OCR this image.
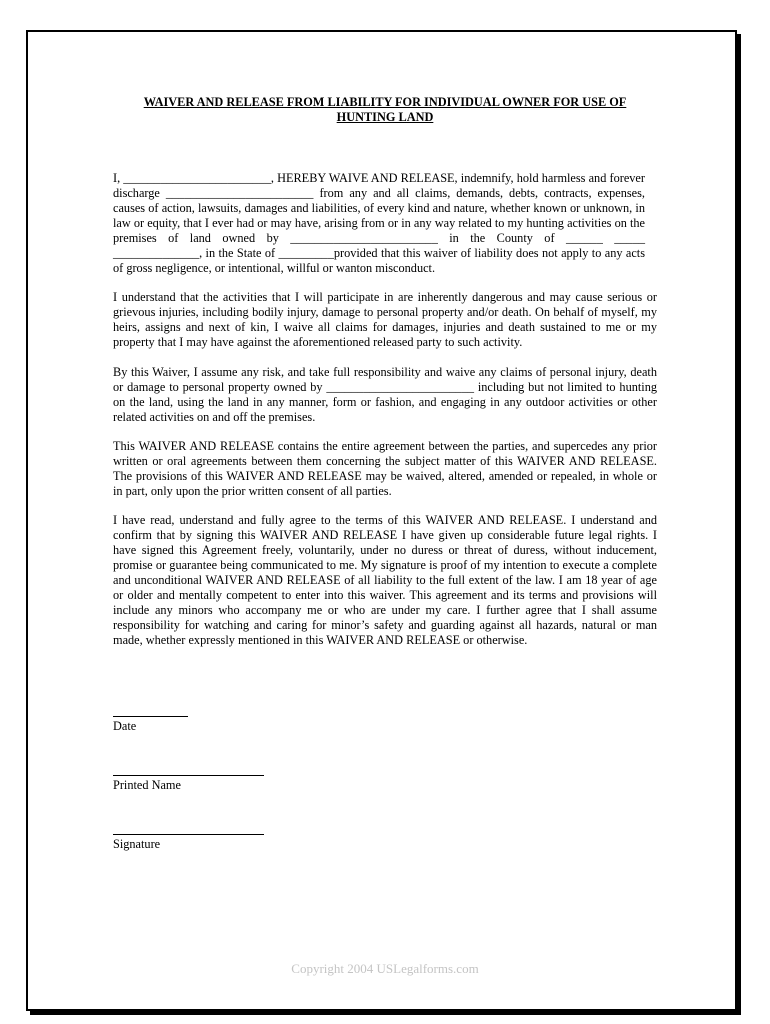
WAIVER AND RELEASE FROM LIABILITY FOR INDIVIDUAL OWNER FOR USE OF
HUNTING LAND

I, ________________________, HEREBY WAIVE AND RELEASE, indemnify, hold harmless and forever discharge ________________________ from any and all claims, demands, debts, contracts, expenses, causes of action, lawsuits, damages and liabilities, of every kind and nature, whether known or unknown, in law or equity, that I ever had or may have, arising from or in any way related to my hunting activities on the premises of land owned by ________________________ in the County of ______ _____ ______________, in the State of _________provided that this waiver of liability does not apply to any acts of gross negligence, or intentional, willful or wanton misconduct.

I understand that the activities that I will participate in are inherently dangerous and may cause serious or grievous injuries, including bodily injury, damage to personal property and/or death. On behalf of myself, my heirs, assigns and next of kin, I waive all claims for damages, injuries and death sustained to me or my property that I may have against the aforementioned released party to such activity.

By this Waiver, I assume any risk, and take full responsibility and waive any claims of personal injury, death or damage to personal property owned by ________________________ including but not limited to hunting on the land, using the land in any manner, form or fashion, and engaging in any outdoor activities or other related activities on and off the premises.

This WAIVER AND RELEASE contains the entire agreement between the parties, and supercedes any prior written or oral agreements between them concerning the subject matter of this WAIVER AND RELEASE. The provisions of this WAIVER AND RELEASE may be waived, altered, amended or repealed, in whole or in part, only upon the prior written consent of all parties.

I have read, understand and fully agree to the terms of this WAIVER AND RELEASE. I understand and confirm that by signing this WAIVER AND RELEASE I have given up considerable future legal rights. I have signed this Agreement freely, voluntarily, under no duress or threat of duress, without inducement, promise or guarantee being communicated to me. My signature is proof of my intention to execute a complete and unconditional WAIVER AND RELEASE of all liability to the full extent of the law. I am 18 year of age or older and mentally competent to enter into this waiver. This agreement and its terms and provisions will include any minors who accompany me or who are under my care. I further agree that I shall assume responsibility for watching and caring for minor’s safety and guarding against all hazards, natural or man made, whether expressly mentioned in this WAIVER AND RELEASE or otherwise.

Date
Printed Name
Signature
Copyright 2004 USLegalforms.com
